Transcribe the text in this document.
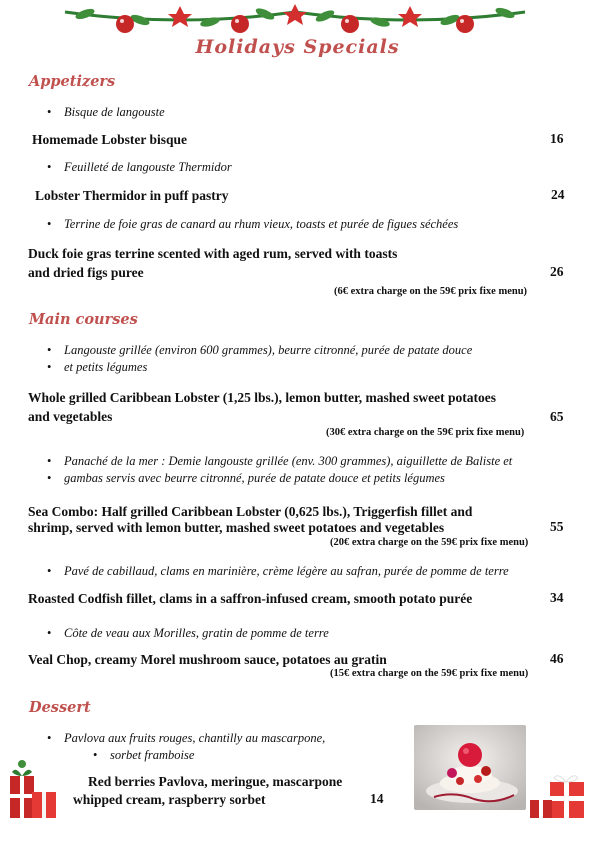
Holidays Specials
Appetizers
• Bisque de langouste
Homemade Lobster bisque	16
• Feuilleté de langouste Thermidor
Lobster Thermidor in puff pastry	24
• Terrine de foie gras de canard au rhum vieux, toasts et purée de figues séchées
Duck foie gras terrine scented with aged rum, served with toasts
and dried figs puree	26
(6€ extra charge on the 59€ prix fixe menu)
Main courses
• Langouste grillée (environ 600 grammes), beurre citronné, purée de patate douce
• et petits légumes
Whole grilled Caribbean Lobster (1,25 lbs.), lemon butter, mashed sweet potatoes
and vegetables	65
(30€ extra charge on the 59€ prix fixe menu)
• Panaché de la mer : Demie langouste grillée (env. 300 grammes), aiguillette de Baliste et
• gambas servis avec beurre citronné, purée de patate douce et petits légumes
Sea Combo: Half grilled Caribbean Lobster (0,625 lbs.), Triggerfish fillet and
shrimp, served with lemon butter, mashed sweet potatoes and vegetables	55
(20€ extra charge on the 59€ prix fixe menu)
• Pavé de cabillaud, clams en marinière, crème légère au safran, purée de pomme de terre
Roasted Codfish fillet, clams in a saffron-infused cream, smooth potato purée	34
• Côte de veau aux Morilles, gratin de pomme de terre
Veal Chop, creamy Morel mushroom sauce, potatoes au gratin	46
(15€ extra charge on the 59€ prix fixe menu)
Dessert
• Pavlova aux fruits rouges, chantilly au mascarpone,
• sorbet framboise
Red berries Pavlova, meringue, mascarpone
whipped cream, raspberry sorbet	14
